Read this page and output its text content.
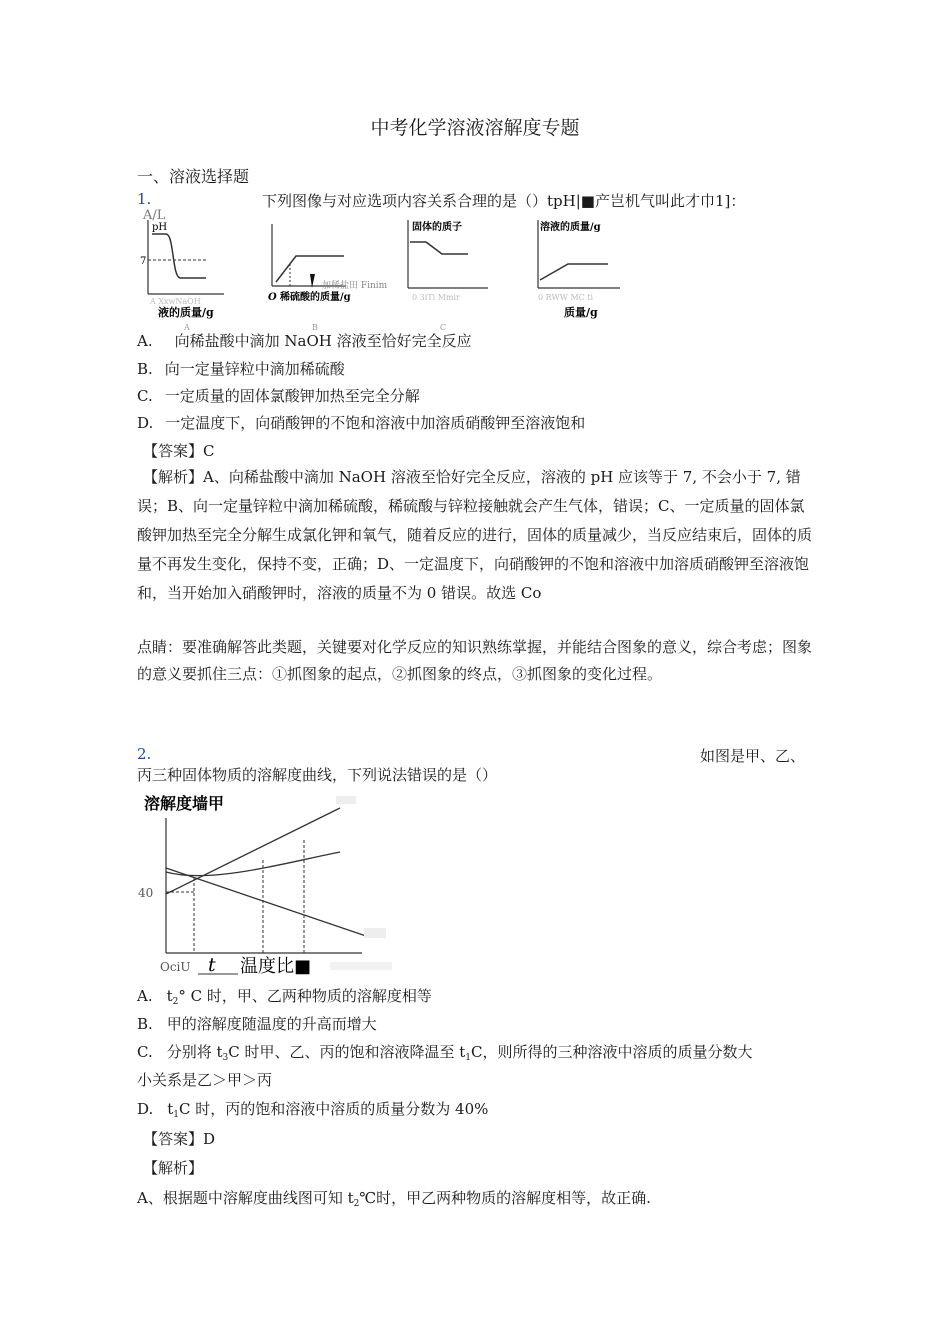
中考化学溶液溶解度专题
一、溶液选择题
1.	下列图像与对应选项内容关系合理的是（）tpH|■产岂机气叫此才巾1]：
A/L
pH
7
A XxwNaOH
液的质量/g
A
加稀盐田 Finim
O 稀硫酸的质量/g
B
固体的质子
0 3iTi Mmir
C
溶液的质量/g
0 RWW MC ti
质量/g
A. 向稀盐酸中滴加 NaOH 溶液至恰好完全反应
B. 向一定量锌粒中滴加稀硫酸
C. 一定质量的固体氯酸钾加热至完全分解
D. 一定温度下，向硝酸钾的不饱和溶液中加溶质硝酸钾至溶液饱和
【答案】C
【解析】A、向稀盐酸中滴加 NaOH 溶液至恰好完全反应，溶液的 pH 应该等于 7, 不会小于 7, 错误；B、向一定量锌粒中滴加稀硫酸，稀硫酸与锌粒接触就会产生气体，错误；C、一定质量的固体氯酸钾加热至完全分解生成氯化钾和氧气，随着反应的进行，固体的质量减少，当反应结束后，固体的质量不再发生变化，保持不变，正确；D、一定温度下，向硝酸钾的不饱和溶液中加溶质硝酸钾至溶液饱和，当开始加入硝酸钾时，溶液的质量不为 0 错误。故选 Co
点睛：要准确解答此类题，关键要对化学反应的知识熟练掌握，并能结合图象的意义，综合考虑；图象的意义要抓住三点：①抓图象的起点，②抓图象的终点，③抓图象的变化过程。
2.	如图是甲、乙、
丙三种固体物质的溶解度曲线，下列说法错误的是（）
溶解度墙甲
40
OciU t 温度比■
A. $t_2^\circ$ C 时，甲、乙两种物质的溶解度相等
B. 甲的溶解度随温度的升高而增大
C. 分别将 $t_3C$ 时甲、乙、丙的饱和溶液降温至 $t_1C$，则所得的三种溶液中溶质的质量分数大
小关系是乙＞甲＞丙
D. $t_1C$ 时，丙的饱和溶液中溶质的质量分数为 40%
【答案】D
【解析】
A、根据题中溶解度曲线图可知 $t_2℃$时，甲乙两种物质的溶解度相等，故正确.
